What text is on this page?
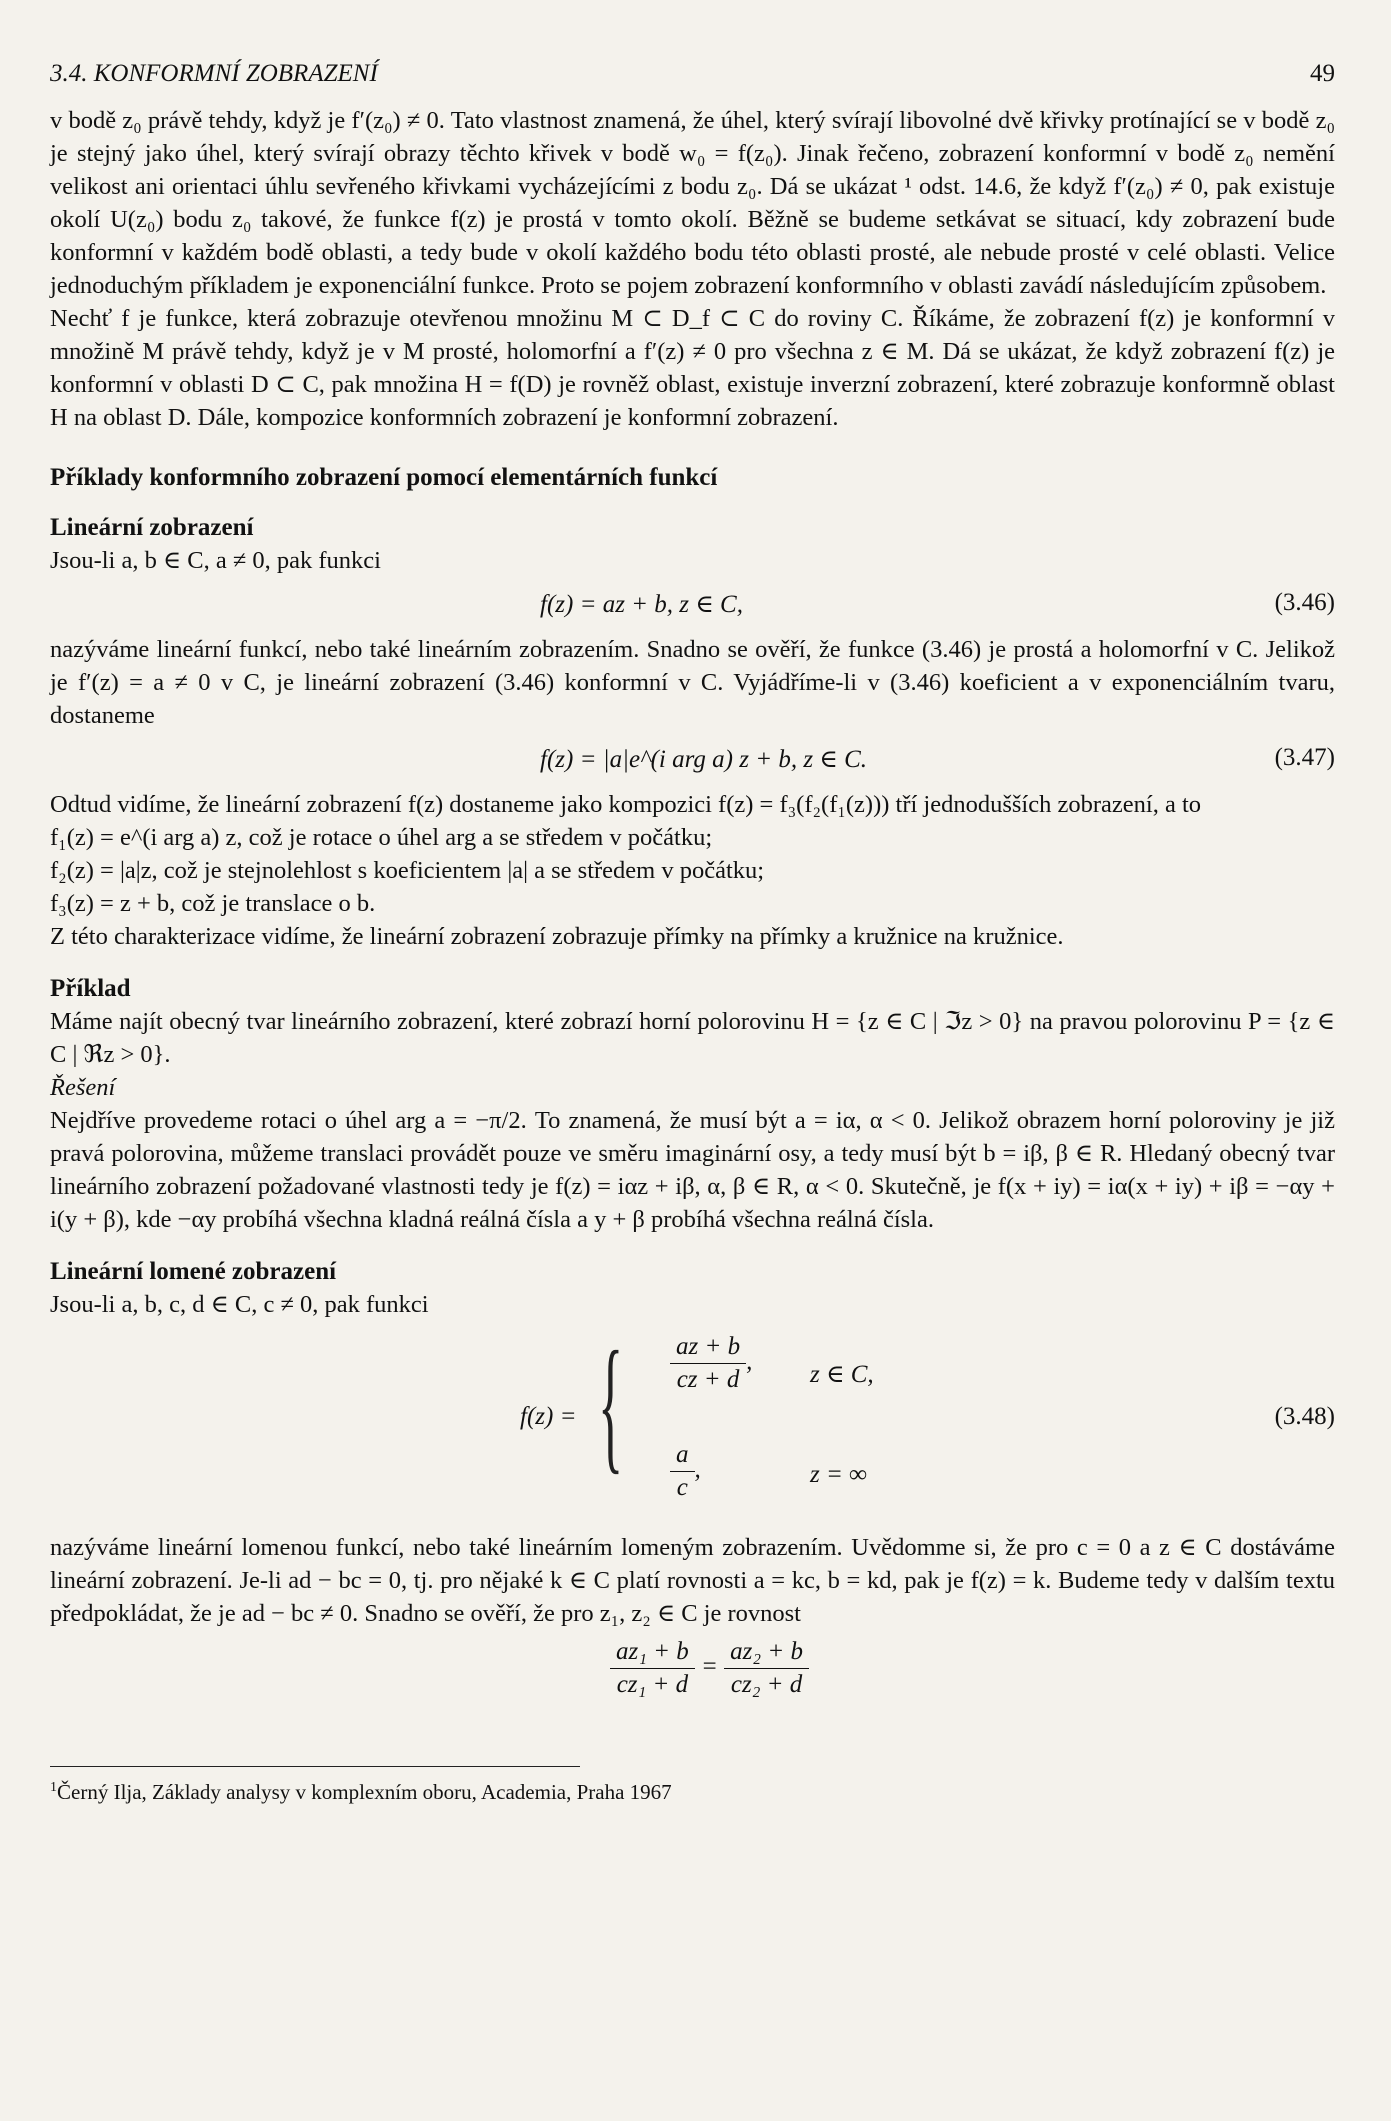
3.4. KONFORMNÍ ZOBRAZENÍ	49

v bodě z₀ právě tehdy, když je f′(z₀) ≠ 0. Tato vlastnost znamená, že úhel, který svírají libovolné dvě křivky protínající se v bodě z₀ je stejný jako úhel, který svírají obrazy těchto křivek v bodě w₀ = f(z₀). Jinak řečeno, zobrazení konformní v bodě z₀ nemění velikost ani orientaci úhlu sevřeného křivkami vycházejícími z bodu z₀. Dá se ukázat ¹ odst. 14.6, že když f′(z₀) ≠ 0, pak existuje okolí U(z₀) bodu z₀ takové, že funkce f(z) je prostá v tomto okolí. Běžně se budeme setkávat se situací, kdy zobrazení bude konformní v každém bodě oblasti, a tedy bude v okolí každého bodu této oblasti prosté, ale nebude prosté v celé oblasti. Velice jednoduchým příkladem je exponenciální funkce. Proto se pojem zobrazení konformního v oblasti zavádí následujícím způsobem.

Nechť f je funkce, která zobrazuje otevřenou množinu M ⊂ D_f ⊂ C do roviny C. Říkáme, že zobrazení f(z) je konformní v množině M právě tehdy, když je v M prosté, holomorfní a f′(z) ≠ 0 pro všechna z ∈ M. Dá se ukázat, že když zobrazení f(z) je konformní v oblasti D ⊂ C, pak množina H = f(D) je rovněž oblast, existuje inverzní zobrazení, které zobrazuje konformně oblast H na oblast D. Dále, kompozice konformních zobrazení je konformní zobrazení.

Příklady konformního zobrazení pomocí elementárních funkcí
Lineární zobrazení

Jsou-li a, b ∈ C, a ≠ 0, pak funkci

f(z) = az + b, z ∈ C,	(3.46)

nazýváme lineární funkcí, nebo také lineárním zobrazením. Snadno se ověří, že funkce (3.46) je prostá a holomorfní v C. Jelikož je f′(z) = a ≠ 0 v C, je lineární zobrazení (3.46) konformní v C. Vyjádříme-li v (3.46) koeficient a v exponenciálním tvaru, dostaneme

f(z) = |a|e^(i arg a) z + b, z ∈ C.	(3.47)

Odtud vidíme, že lineární zobrazení f(z) dostaneme jako kompozici f(z) = f₃(f₂(f₁(z))) tří jednodušších zobrazení, a to

f₁(z) = e^(i arg a) z, což je rotace o úhel arg a se středem v počátku;
f₂(z) = |a|z, což je stejnolehlost s koeficientem |a| a se středem v počátku;
f₃(z) = z + b, což je translace o b.

Z této charakterizace vidíme, že lineární zobrazení zobrazuje přímky na přímky a kružnice na kružnice.

Příklad

Máme najít obecný tvar lineárního zobrazení, které zobrazí horní polorovinu H = {z ∈ C | ℑz > 0} na pravou polorovinu P = {z ∈ C | ℜz > 0}.

Řešení

Nejdříve provedeme rotaci o úhel arg a = −π/2. To znamená, že musí být a = iα, α < 0. Jelikož obrazem horní poloroviny je již pravá polorovina, můžeme translaci provádět pouze ve směru imaginární osy, a tedy musí být b = iβ, β ∈ R. Hledaný obecný tvar lineárního zobrazení požadované vlastnosti tedy je f(z) = iαz + iβ, α, β ∈ R, α < 0. Skutečně, je f(x + iy) = iα(x + iy) + iβ = −αy + i(y + β), kde −αy probíhá všechna kladná reálná čísla a y + β probíhá všechna reálná čísla.

Lineární lomené zobrazení

Jsou-li a, b, c, d ∈ C, c ≠ 0, pak funkci

f(z) = { $\frac{az + b}{cz + d}$ , z ∈ C,
$\frac{a}{c}$ ,	z = ∞
(3.48)

nazýváme lineární lomenou funkcí, nebo také lineárním lomeným zobrazením. Uvědomme si, že pro c = 0 a z ∈ C dostáváme lineární zobrazení. Je-li ad − bc = 0, tj. pro nějaké k ∈ C platí rovnosti a = kc, b = kd, pak je f(z) = k. Budeme tedy v dalším textu předpokládat, že je ad − bc ≠ 0. Snadno se ověří, že pro z₁, z₂ ∈ C je rovnost

$\frac{\text{az₁ + b}}{\text{cz₁ + d}} = \frac{\text{az₂ + b}}{\text{cz₂ + d}}$
$^1$Černý Ilja, Základy analysy v komplexním oboru, Academia, Praha 1967
